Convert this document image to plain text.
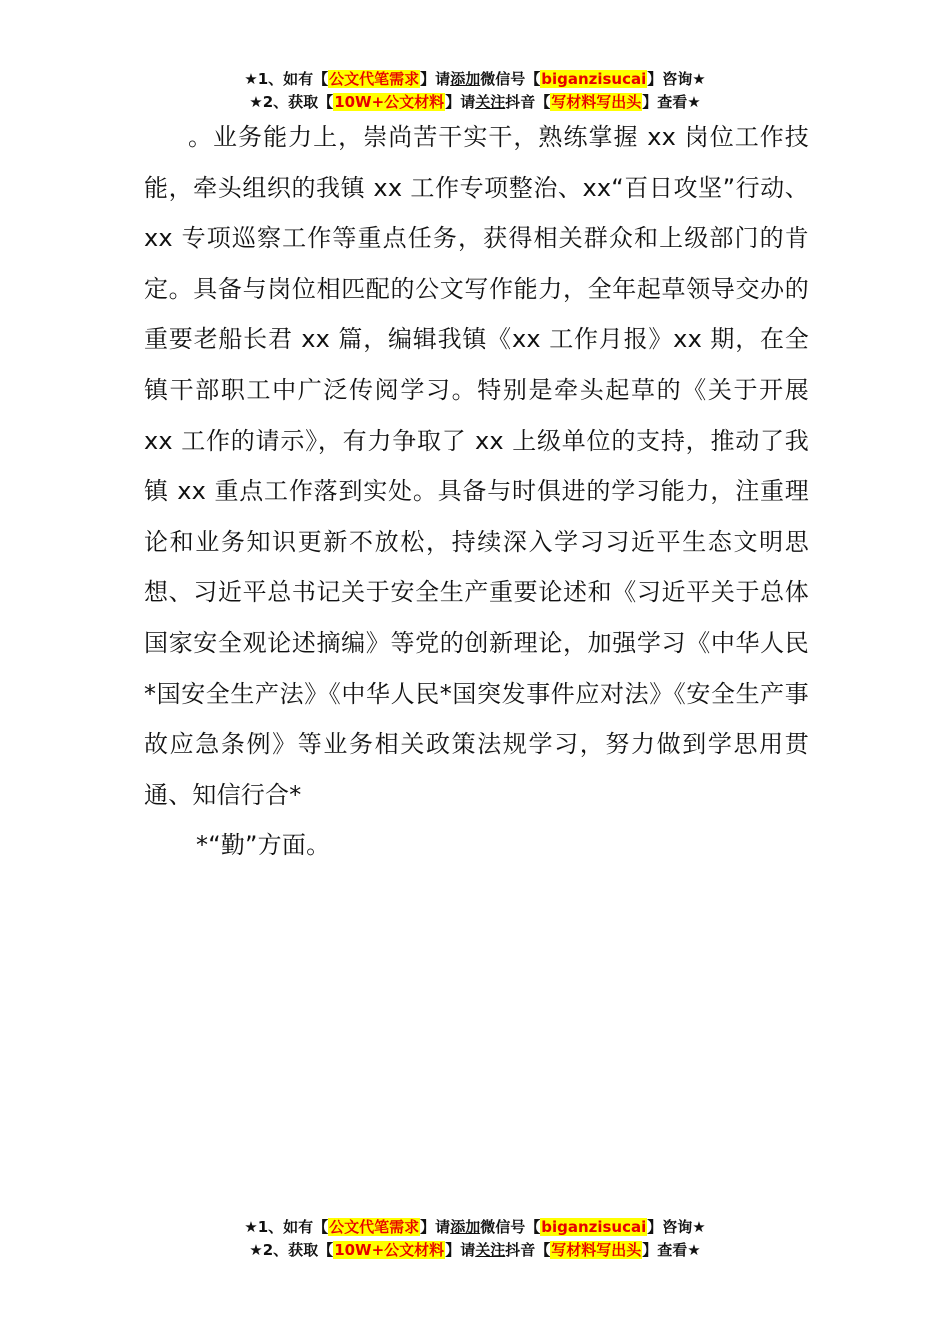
★1、如有【公文代笔需求】请添加微信号【biganzisucai】咨询★
★2、获取【10W+公文材料】请关注抖音【写材料写出头】查看★

。业务能力上，崇尚苦干实干，熟练掌握 xx 岗位工作技能，牵头组织的我镇 xx 工作专项整治、xx“百日攻坚”行动、xx 专项巡察工作等重点任务，获得相关群众和上级部门的肯定。具备与岗位相匹配的公文写作能力，全年起草领导交办的重要老船长君 xx 篇，编辑我镇《xx 工作月报》xx 期，在全镇干部职工中广泛传阅学习。特别是牵头起草的《关于开展 xx 工作的请示》，有力争取了 xx 上级单位的支持，推动了我镇 xx 重点工作落到实处。具备与时俱进的学习能力，注重理论和业务知识更新不放松，持续深入学习习近平生态文明思想、习近平总书记关于安全生产重要论述和《习近平关于总体国家安全观论述摘编》等党的创新理论，加强学习《中华人民*国安全生产法》《中华人民*国突发事件应对法》《安全生产事故应急条例》等业务相关政策法规学习，努力做到学思用贯通、知信行合*

*“勤”方面。

★1、如有【公文代笔需求】请添加微信号【biganzisucai】咨询★
★2、获取【10W+公文材料】请关注抖音【写材料写出头】查看★
